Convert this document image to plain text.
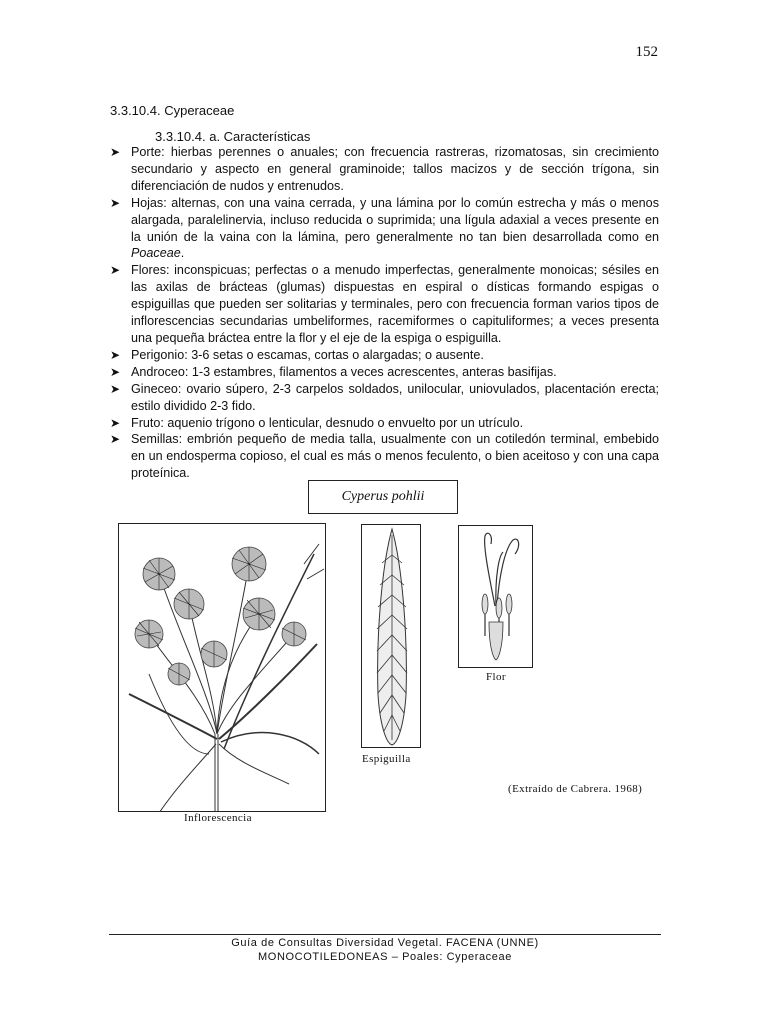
152
3.3.10.4. Cyperaceae
3.3.10.4. a. Características
➤ Porte: hierbas perennes o anuales; con frecuencia rastreras, rizomatosas, sin crecimiento secundario y aspecto en general graminoide; tallos macizos y de sección trígona, sin diferenciación de nudos y entrenudos.
➤ Hojas: alternas, con una vaina cerrada, y una lámina por lo común estrecha y más o menos alargada, paralelinervia, incluso reducida o suprimida; una lígula adaxial a veces presente en la unión de la vaina con la lámina, pero generalmente no tan bien desarrollada como en Poaceae.
➤ Flores: inconspicuas; perfectas o a menudo imperfectas, generalmente monoicas; sésiles en las axilas de brácteas (glumas) dispuestas en espiral o dísticas formando espigas o espiguillas que pueden ser solitarias y terminales, pero con frecuencia forman varios tipos de inflorescencias secundarias umbeliformes, racemiformes o capituliformes; a veces presenta una pequeña bráctea entre la flor y el eje de la espiga o espiguilla.
➤ Perigonio: 3-6 setas o escamas, cortas o alargadas; o ausente.
➤ Androceo: 1-3 estambres, filamentos a veces acrescentes, anteras basifijas.
➤ Gineceo: ovario súpero, 2-3 carpelos soldados, unilocular, uniovulados, placentación erecta; estilo dividido 2-3 fido.
➤ Fruto: aquenio trígono o lenticular, desnudo o envuelto por un utrículo.
➤ Semillas: embrión pequeño de media talla, usualmente con un cotiledón terminal, embebido en un endosperma copioso, el cual es más o menos feculento, o bien aceitoso y con una capa proteínica.
Cyperus pohlii
Inflorescencia
Espiguilla
Flor
(Extraído de Cabrera. 1968)
Guía de Consultas Diversidad Vegetal. FACENA (UNNE)
MONOCOTILEDONEAS – Poales: Cyperaceae
